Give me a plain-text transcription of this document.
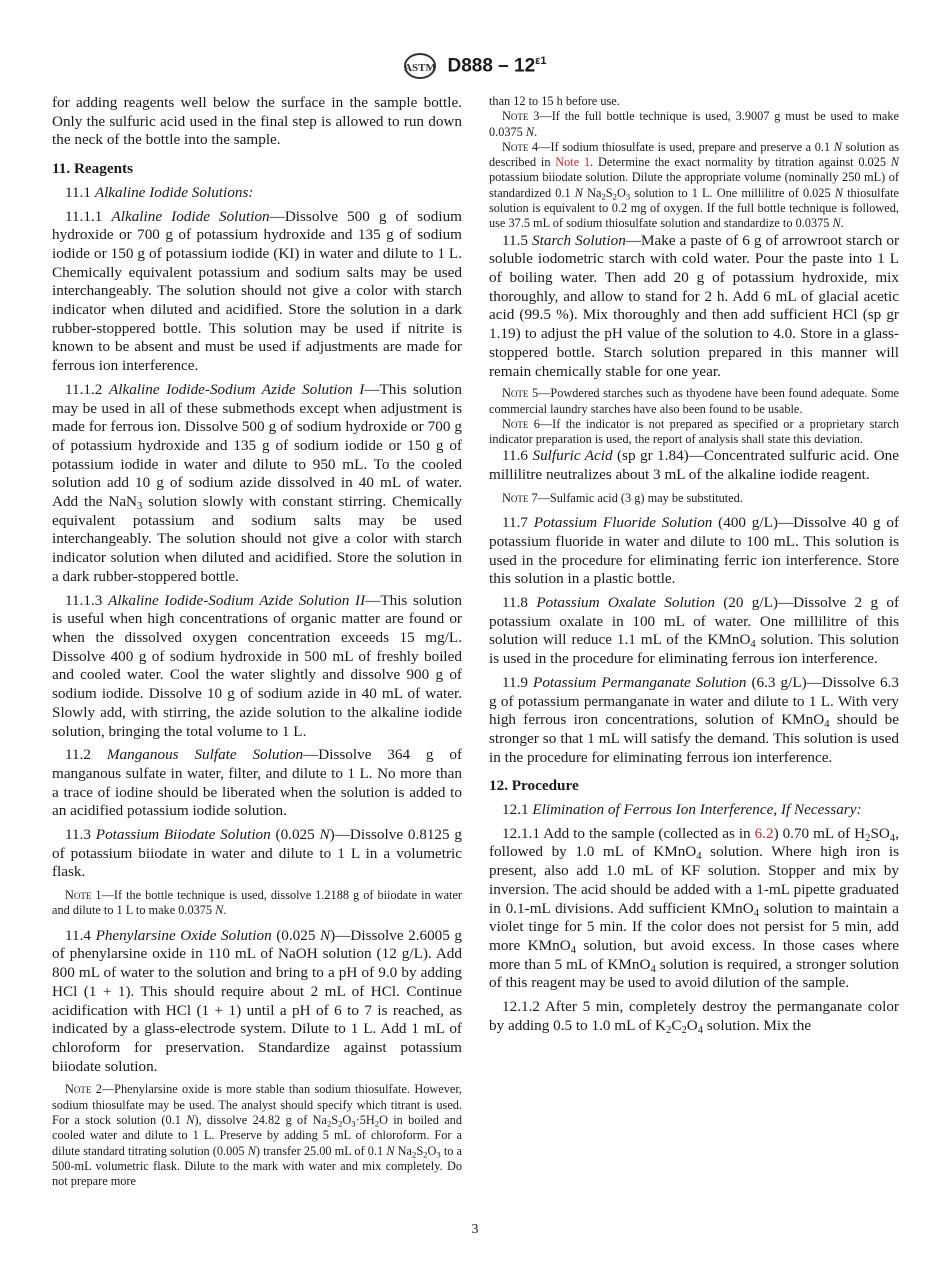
ASTM $D888 - 12^{\varepsilon 1}$
for adding reagents well below the surface in the sample bottle. Only the sulfuric acid used in the final step is allowed to run down the neck of the bottle into the sample.
11. Reagents
11.1 Alkaline Iodide Solutions:
11.1.1 Alkaline Iodide Solution—Dissolve 500 g of sodium hydroxide or 700 g of potassium hydroxide and 135 g of sodium iodide or 150 g of potassium iodide (KI) in water and dilute to 1 L. Chemically equivalent potassium and sodium salts may be used interchangeably. The solution should not give a color with starch indicator when diluted and acidified. Store the solution in a dark rubber-stoppered bottle. This solution may be used if nitrite is known to be absent and must be used if adjustments are made for ferrous ion interference.
11.1.2 Alkaline Iodide-Sodium Azide Solution I—This solution may be used in all of these submethods except when adjustment is made for ferrous ion. Dissolve 500 g of sodium hydroxide or 700 g of potassium hydroxide and 135 g of sodium iodide or 150 g of potassium iodide in water and dilute to 950 mL. To the cooled solution add 10 g of sodium azide dissolved in 40 mL of water. Add the NaN$_3$ solution slowly with constant stirring. Chemically equivalent potassium and sodium salts may be used interchangeably. The solution should not give a color with starch indicator solution when diluted and acidified. Store the solution in a dark rubber-stoppered bottle.
11.1.3 Alkaline Iodide-Sodium Azide Solution II—This solution is useful when high concentrations of organic matter are found or when the dissolved oxygen concentration exceeds 15 mg/L. Dissolve 400 g of sodium hydroxide in 500 mL of freshly boiled and cooled water. Cool the water slightly and dissolve 900 g of sodium iodide. Dissolve 10 g of sodium azide in 40 mL of water. Slowly add, with stirring, the azide solution to the alkaline iodide solution, bringing the total volume to 1 L.
11.2 Manganous Sulfate Solution—Dissolve 364 g of manganous sulfate in water, filter, and dilute to 1 L. No more than a trace of iodine should be liberated when the solution is added to an acidified potassium iodide solution.
11.3 Potassium Biiodate Solution (0.025 N)—Dissolve 0.8125 g of potassium biiodate in water and dilute to 1 L in a volumetric flask.
Note 1—If the bottle technique is used, dissolve 1.2188 g of biiodate in water and dilute to 1 L to make 0.0375 N.
11.4 Phenylarsine Oxide Solution (0.025 N)—Dissolve 2.6005 g of phenylarsine oxide in 110 mL of NaOH solution (12 g/L). Add 800 mL of water to the solution and bring to a pH of 9.0 by adding HCl (1 + 1). This should require about 2 mL of HCl. Continue acidification with HCl (1 + 1) until a pH of 6 to 7 is reached, as indicated by a glass-electrode system. Dilute to 1 L. Add 1 mL of chloroform for preservation. Standardize against potassium biiodate solution.
Note 2—Phenylarsine oxide is more stable than sodium thiosulfate. However, sodium thiosulfate may be used. The analyst should specify which titrant is used. For a stock solution (0.1 N), dissolve 24.82 g of $Na_2S_2O_3\cdot 5H_2O$ in boiled and cooled water and dilute to 1 L. Preserve by adding 5 mL of chloroform. For a dilute standard titrating solution (0.005 N) transfer 25.00 mL of 0.1 N $Na_2S_2O_3$ to a 500-mL volumetric flask. Dilute to the mark with water and mix completely. Do not prepare more
than 12 to 15 h before use.
Note 3—If the full bottle technique is used, 3.9007 g must be used to make 0.0375 N.
Note 4—If sodium thiosulfate is used, prepare and preserve a 0.1 N solution as described in Note 1. Determine the exact normality by titration against 0.025 N potassium biiodate solution. Dilute the appropriate volume (nominally 250 mL) of standardized 0.1 N $Na_2S_2O_3$ solution to 1 L. One millilitre of 0.025 N thiosulfate solution is equivalent to 0.2 mg of oxygen. If the full bottle technique is followed, use 37.5 mL of sodium thiosulfate solution and standardize to 0.0375 N.
11.5 Starch Solution—Make a paste of 6 g of arrowroot starch or soluble iodometric starch with cold water. Pour the paste into 1 L of boiling water. Then add 20 g of potassium hydroxide, mix thoroughly, and allow to stand for 2 h. Add 6 mL of glacial acetic acid (99.5 %). Mix thoroughly and then add sufficient HCl (sp gr 1.19) to adjust the pH value of the solution to 4.0. Store in a glass-stoppered bottle. Starch solution prepared in this manner will remain chemically stable for one year.
Note 5—Powdered starches such as thyodene have been found adequate. Some commercial laundry starches have also been found to be usable.
Note 6—If the indicator is not prepared as specified or a proprietary starch indicator preparation is used, the report of analysis shall state this deviation.
11.6 Sulfuric Acid (sp gr 1.84)—Concentrated sulfuric acid. One millilitre neutralizes about 3 mL of the alkaline iodide reagent.
Note 7—Sulfamic acid (3 g) may be substituted.
11.7 Potassium Fluoride Solution (400 g/L)—Dissolve 40 g of potassium fluoride in water and dilute to 100 mL. This solution is used in the procedure for eliminating ferric ion interference. Store this solution in a plastic bottle.
11.8 Potassium Oxalate Solution (20 g/L)—Dissolve 2 g of potassium oxalate in 100 mL of water. One millilitre of this solution will reduce 1.1 mL of the KMnO$_4$ solution. This solution is used in the procedure for eliminating ferrous ion interference.
11.9 Potassium Permanganate Solution (6.3 g/L)—Dissolve 6.3 g of potassium permanganate in water and dilute to 1 L. With very high ferrous iron concentrations, solution of KMnO$_4$ should be stronger so that 1 mL will satisfy the demand. This solution is used in the procedure for eliminating ferrous ion interference.
12. Procedure
12.1 Elimination of Ferrous Ion Interference, If Necessary:
12.1.1 Add to the sample (collected as in 6.2) 0.70 mL of $H_2SO_4$, followed by 1.0 mL of KMnO$_4$ solution. Where high iron is present, also add 1.0 mL of KF solution. Stopper and mix by inversion. The acid should be added with a 1-mL pipette graduated in 0.1-mL divisions. Add sufficient KMnO$_4$ solution to maintain a violet tinge for 5 min. If the color does not persist for 5 min, add more KMnO$_4$ solution, but avoid excess. In those cases where more than 5 mL of KMnO$_4$ solution is required, a stronger solution of this reagent may be used to avoid dilution of the sample.
12.1.2 After 5 min, completely destroy the permanganate color by adding 0.5 to 1.0 mL of $K_2C_2O_4$ solution. Mix the
3
